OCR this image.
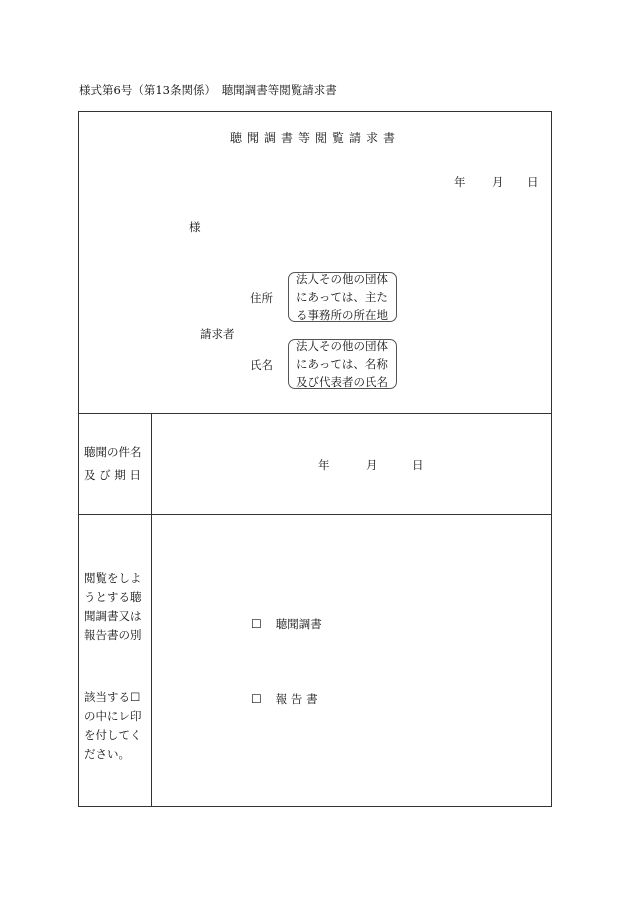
様式第6号（第13条関係）　聴聞調書等閲覧請求書
聴聞調書等閲覧請求書
年 月 日
様
請求者
住所
法人その他の団体
にあっては、主た
る事務所の所在地
氏名
法人その他の団体
にあっては、名称
及び代表者の氏名
聴聞の件名
及 び 期 日
年	月	日
閲覧をしよ
うとする聴
聞調書又は
報告書の別
該当する☐
の中にレ印
を付してく
ださい。
☐ 聴聞調書
☐ 報 告 書
